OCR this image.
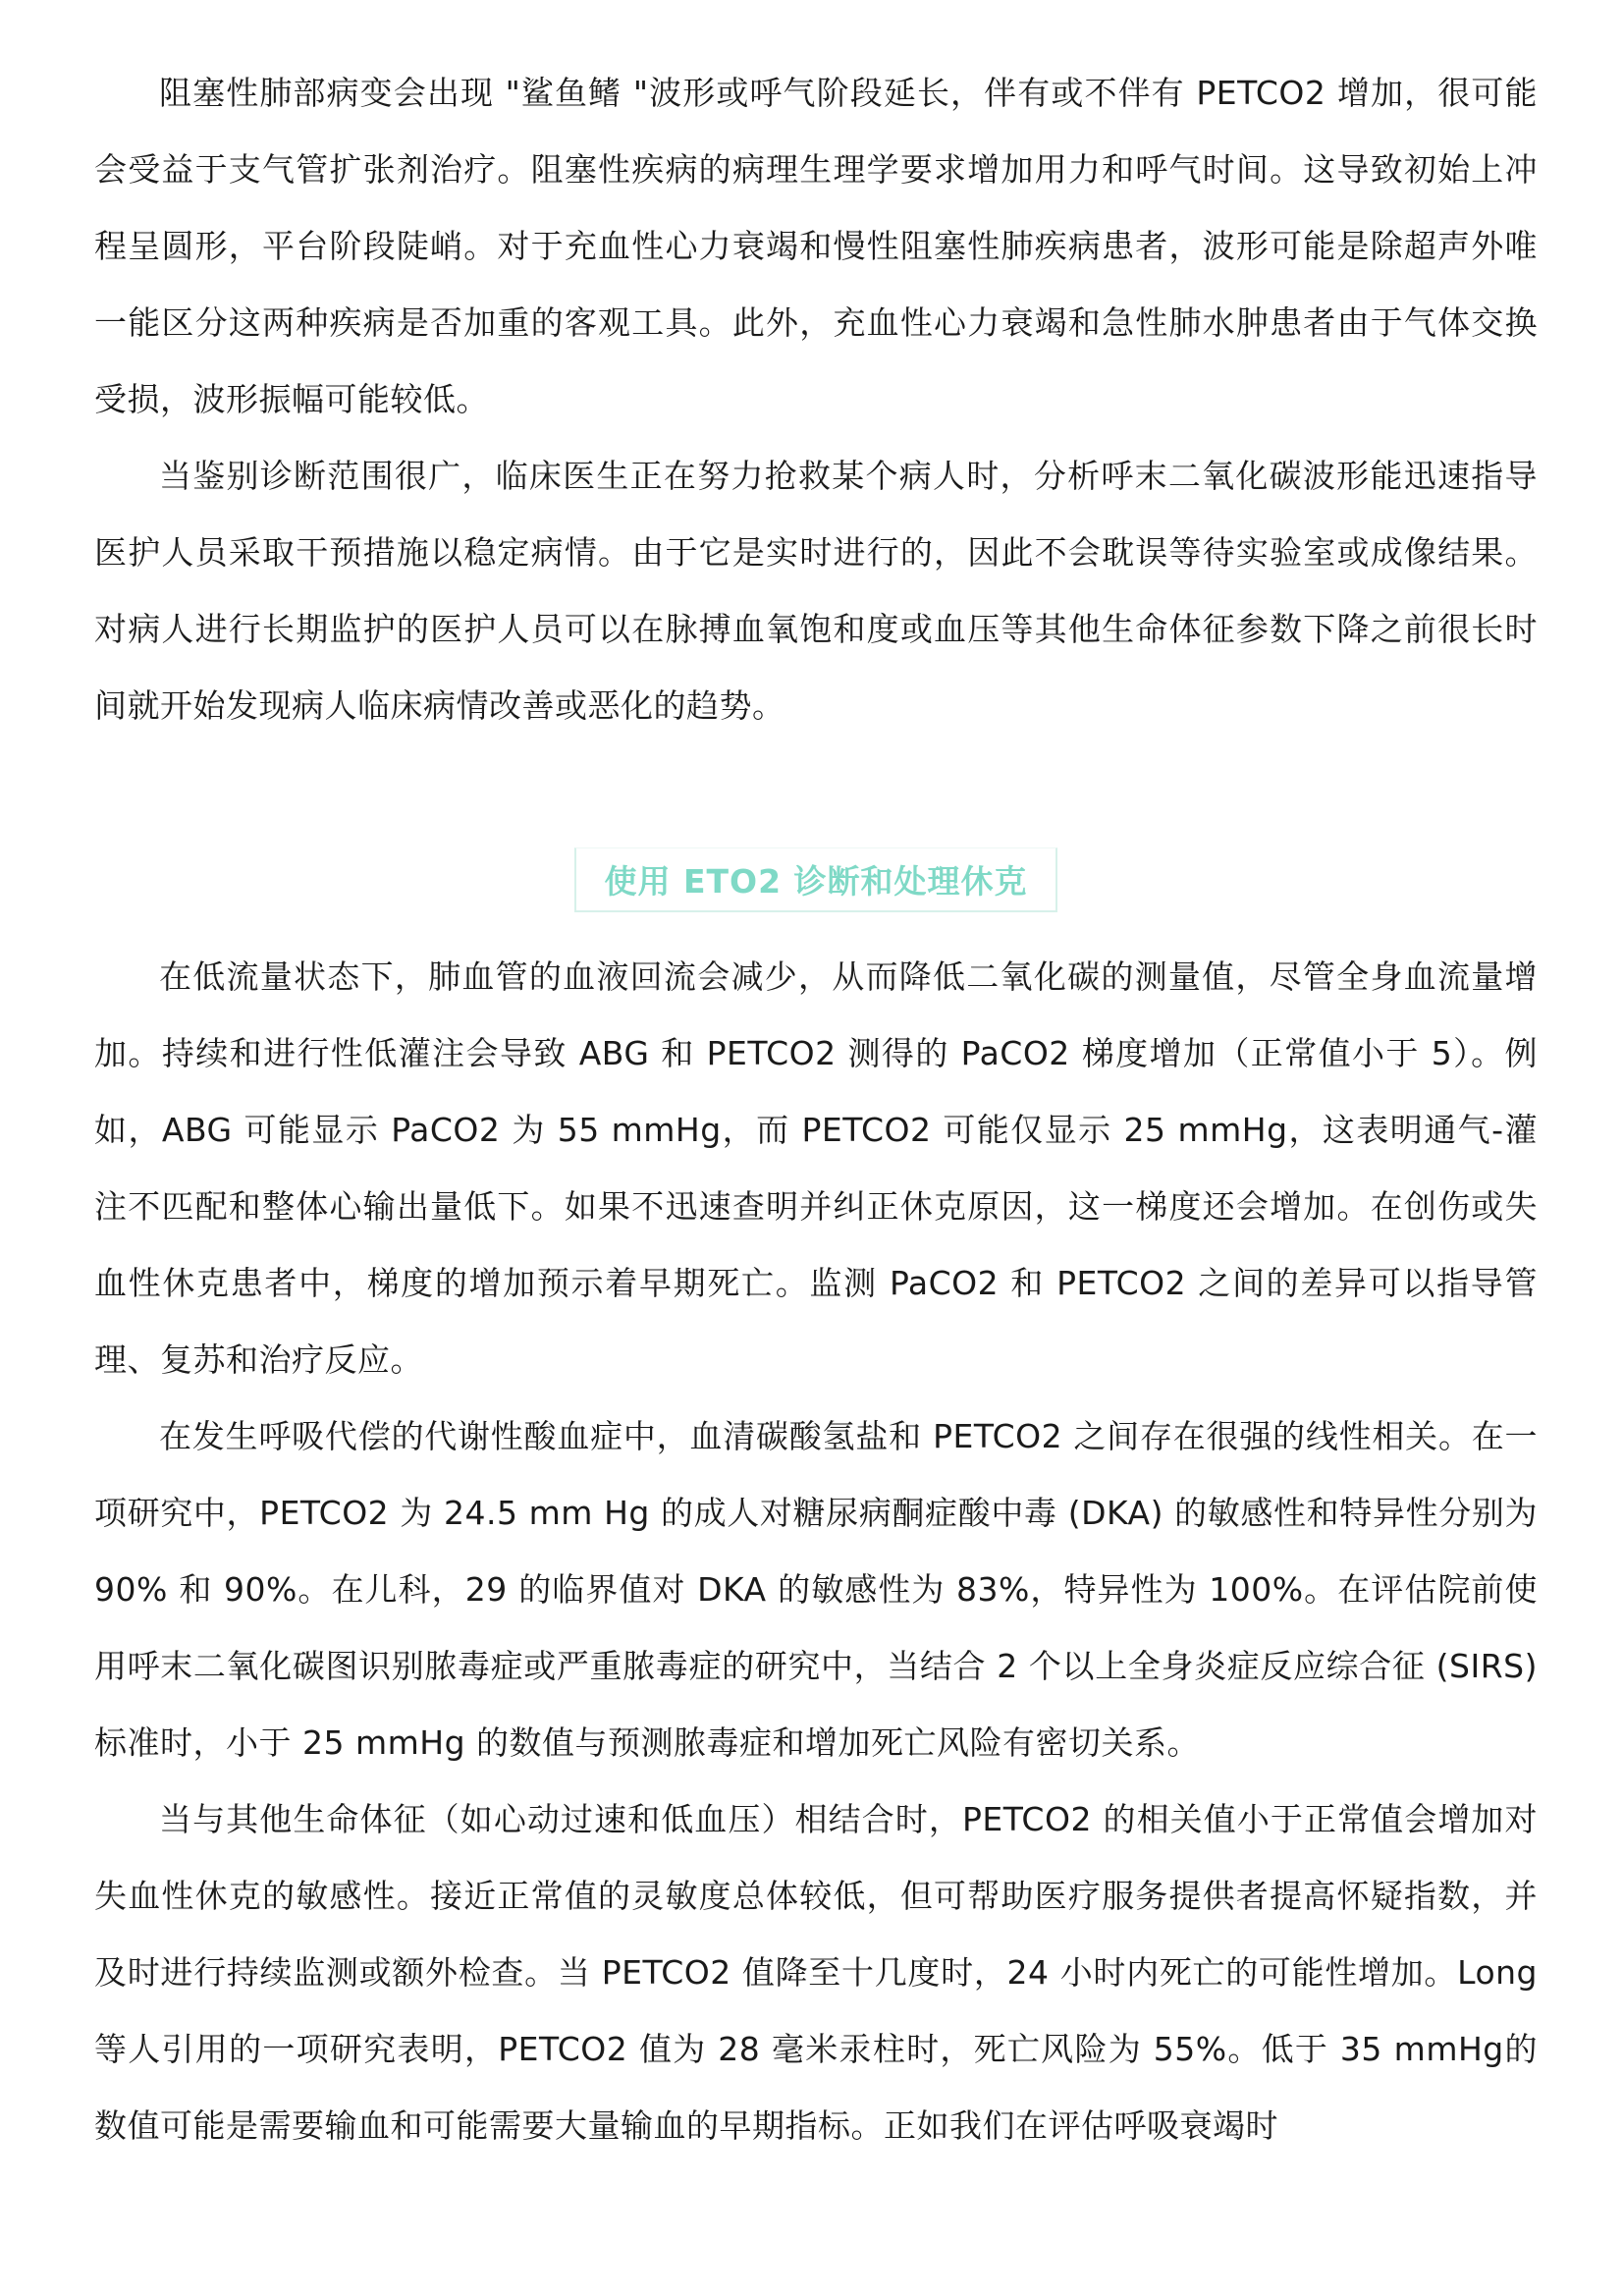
阻塞性肺部病变会出现 "鲨鱼鳍 "波形或呼气阶段延长，伴有或不伴有 PETCO2 增加，很可能会受益于支气管扩张剂治疗。阻塞性疾病的病理生理学要求增加用力和呼气时间。这导致初始上冲程呈圆形，平台阶段陡峭。对于充血性心力衰竭和慢性阻塞性肺疾病患者，波形可能是除超声外唯一能区分这两种疾病是否加重的客观工具。此外，充血性心力衰竭和急性肺水肿患者由于气体交换受损，波形振幅可能较低。

当鉴别诊断范围很广，临床医生正在努力抢救某个病人时，分析呼末二氧化碳波形能迅速指导医护人员采取干预措施以稳定病情。由于它是实时进行的，因此不会耽误等待实验室或成像结果。对病人进行长期监护的医护人员可以在脉搏血氧饱和度或血压等其他生命体征参数下降之前很长时间就开始发现病人临床病情改善或恶化的趋势。

使用 ETO2 诊断和处理休克

在低流量状态下，肺血管的血液回流会减少，从而降低二氧化碳的测量值，尽管全身血流量增加。持续和进行性低灌注会导致 ABG 和 PETCO2 测得的 PaCO2 梯度增加（正常值小于 5）。例如，ABG 可能显示 PaCO2 为 55 mmHg，而 PETCO2 可能仅显示 25 mmHg，这表明通气-灌注不匹配和整体心输出量低下。如果不迅速查明并纠正休克原因，这一梯度还会增加。在创伤或失血性休克患者中，梯度的增加预示着早期死亡。监测 PaCO2 和 PETCO2 之间的差异可以指导管理、复苏和治疗反应。

在发生呼吸代偿的代谢性酸血症中，血清碳酸氢盐和 PETCO2 之间存在很强的线性相关。在一项研究中，PETCO2 为 24.5 mm Hg 的成人对糖尿病酮症酸中毒 (DKA) 的敏感性和特异性分别为 90% 和 90%。在儿科，29 的临界值对 DKA 的敏感性为 83%，特异性为 100%。在评估院前使用呼末二氧化碳图识别脓毒症或严重脓毒症的研究中，当结合 2 个以上全身炎症反应综合征 (SIRS) 标准时，小于 25 mmHg 的数值与预测脓毒症和增加死亡风险有密切关系。

当与其他生命体征（如心动过速和低血压）相结合时，PETCO2 的相关值小于正常值会增加对失血性休克的敏感性。接近正常值的灵敏度总体较低，但可帮助医疗服务提供者提高怀疑指数，并及时进行持续监测或额外检查。当 PETCO2 值降至十几度时，24 小时内死亡的可能性增加。Long 等人引用的一项研究表明，PETCO2 值为 28 毫米汞柱时，死亡风险为 55%。低于 35 mmHg的数值可能是需要输血和可能需要大量输血的早期指标。正如我们在评估呼吸衰竭时
